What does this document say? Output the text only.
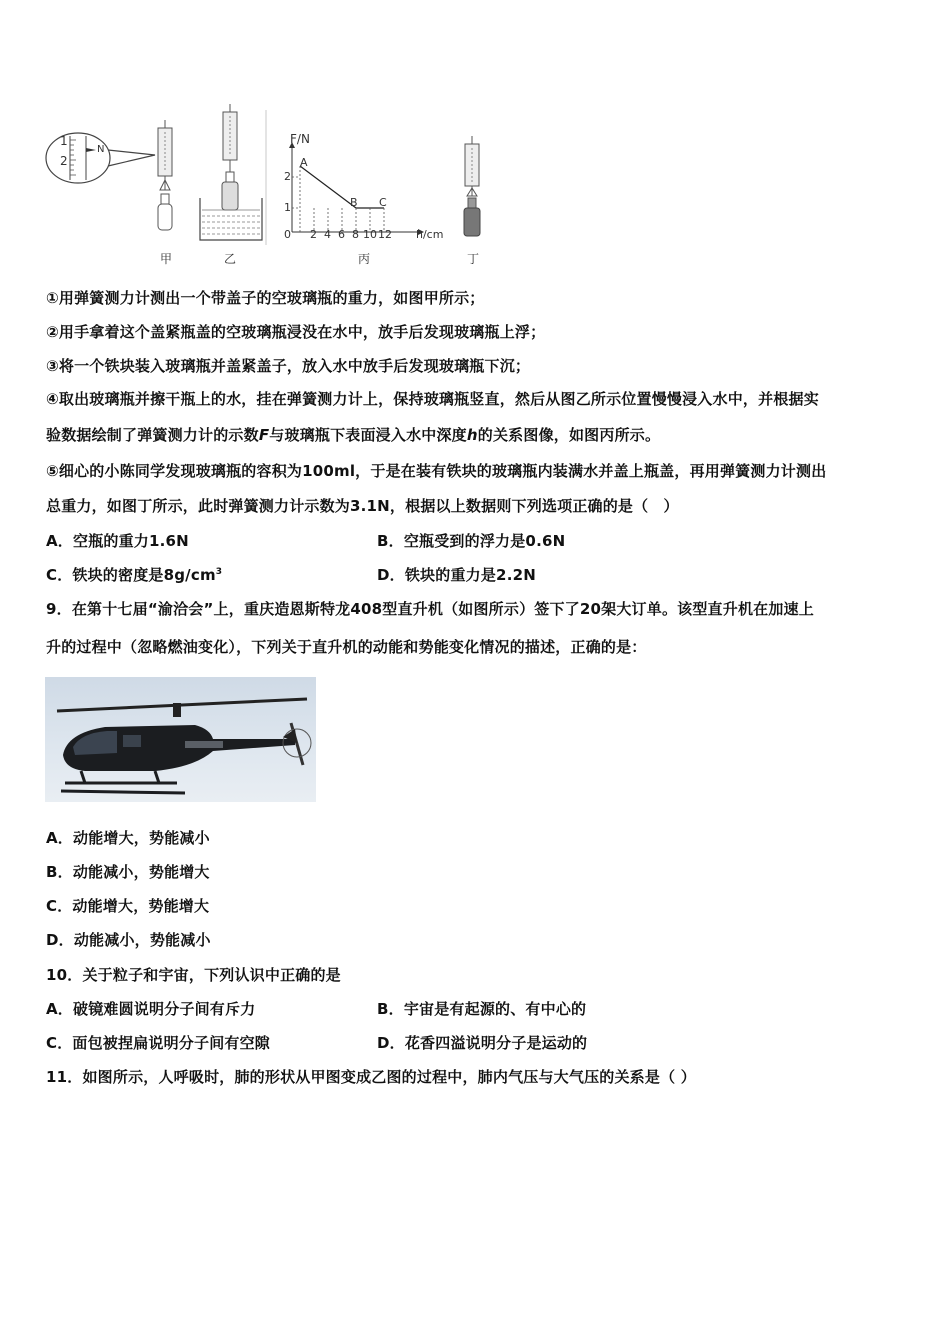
1
2
N
F/N
h/cm
0 2 4 6 8 10 12
1
2
A
B C
甲	乙	丙	丁
①用弹簧测力计测出一个带盖子的空玻璃瓶的重力，如图甲所示；
②用手拿着这个盖紧瓶盖的空玻璃瓶浸没在水中，放手后发现玻璃瓶上浮；
③将一个铁块装入玻璃瓶并盖紧盖子，放入水中放手后发现玻璃瓶下沉；
④取出玻璃瓶并擦干瓶上的水，挂在弹簧测力计上，保持玻璃瓶竖直，然后从图乙所示位置慢慢浸入水中，并根据实
验数据绘制了弹簧测力计的示数F与玻璃瓶下表面浸入水中深度h的关系图像，如图丙所示。
⑤细心的小陈同学发现玻璃瓶的容积为100ml，于是在装有铁块的玻璃瓶内装满水并盖上瓶盖，再用弹簧测力计测出
总重力，如图丁所示，此时弹簧测力计示数为3.1N，根据以上数据则下列选项正确的是（　）
A．空瓶的重力1.6N	B．空瓶受到的浮力是0.6N
C．铁块的密度是$8g/cm^3$	D．铁块的重力是2.2N
9．在第十七届“渝洽会”上，重庆造恩斯特龙408型直升机（如图所示）签下了20架大订单。该型直升机在加速上
升的过程中（忽略燃油变化），下列关于直升机的动能和势能变化情况的描述，正确的是：
A．动能增大，势能减小
B．动能减小，势能增大
C．动能增大，势能增大
D．动能减小，势能减小
10．关于粒子和宇宙，下列认识中正确的是
A．破镜难圆说明分子间有斥力	B．宇宙是有起源的、有中心的
C．面包被捏扁说明分子间有空隙	D．花香四溢说明分子是运动的
11．如图所示，人呼吸时，肺的形状从甲图变成乙图的过程中，肺内气压与大气压的关系是（ ）
